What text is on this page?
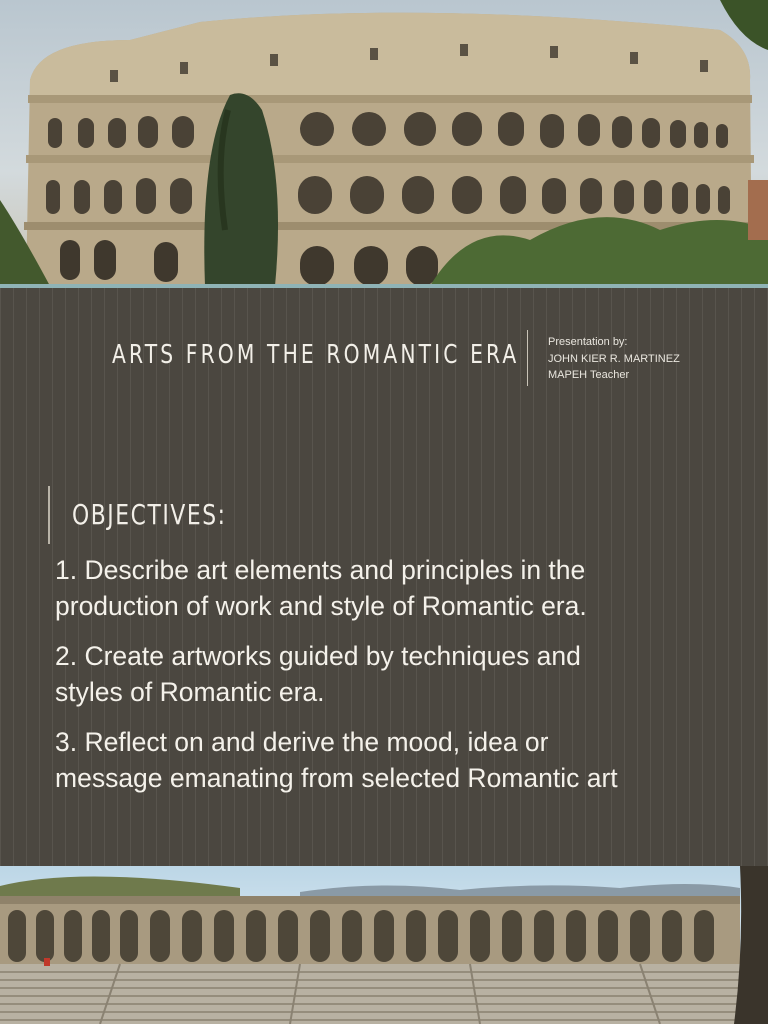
ARTS FROM THE ROMANTIC ERA	Presentation by:
JOHN KIER R. MARTINEZ
MAPEH Teacher
OBJECTIVES:
1. Describe art elements and principles in the
production of work and style of Romantic era.
2. Create artworks guided by techniques and
styles of Romantic era.
3. Reflect on and derive the mood, idea or
message emanating from selected Romantic art
